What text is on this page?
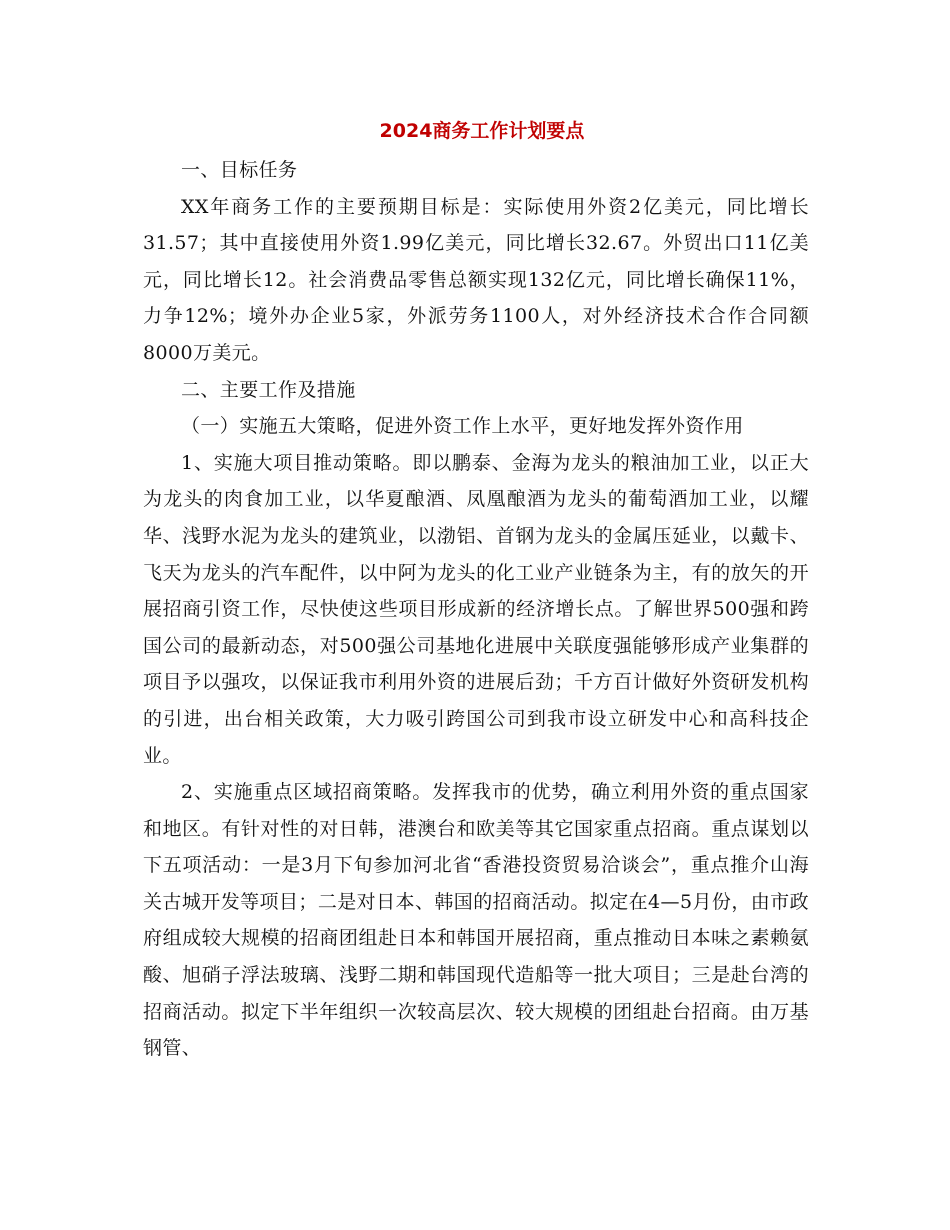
2024商务工作计划要点

一、目标任务

XX年商务工作的主要预期目标是：实际使用外资2亿美元，同比增长31.57；其中直接使用外资1.99亿美元，同比增长32.67。外贸出口11亿美元，同比增长12。社会消费品零售总额实现132亿元，同比增长确保11%，力争12%；境外办企业5家，外派劳务1100人，对外经济技术合作合同额8000万美元。

二、主要工作及措施

（一）实施五大策略，促进外资工作上水平，更好地发挥外资作用

1、实施大项目推动策略。即以鹏泰、金海为龙头的粮油加工业，以正大为龙头的肉食加工业，以华夏酿酒、凤凰酿酒为龙头的葡萄酒加工业，以耀华、浅野水泥为龙头的建筑业，以渤铝、首钢为龙头的金属压延业，以戴卡、飞天为龙头的汽车配件，以中阿为龙头的化工业产业链条为主，有的放矢的开展招商引资工作，尽快使这些项目形成新的经济增长点。了解世界500强和跨国公司的最新动态，对500强公司基地化进展中关联度强能够形成产业集群的项目予以强攻，以保证我市利用外资的进展后劲；千方百计做好外资研发机构的引进，出台相关政策，大力吸引跨国公司到我市设立研发中心和高科技企业。

2、实施重点区域招商策略。发挥我市的优势，确立利用外资的重点国家和地区。有针对性的对日韩，港澳台和欧美等其它国家重点招商。重点谋划以下五项活动：一是3月下旬参加河北省“香港投资贸易洽谈会”，重点推介山海关古城开发等项目；二是对日本、韩国的招商活动。拟定在4—5月份，由市政府组成较大规模的招商团组赴日本和韩国开展招商，重点推动日本味之素赖氨酸、旭硝子浮法玻璃、浅野二期和韩国现代造船等一批大项目；三是赴台湾的招商活动。拟定下半年组织一次较高层次、较大规模的团组赴台招商。由万基钢管、
